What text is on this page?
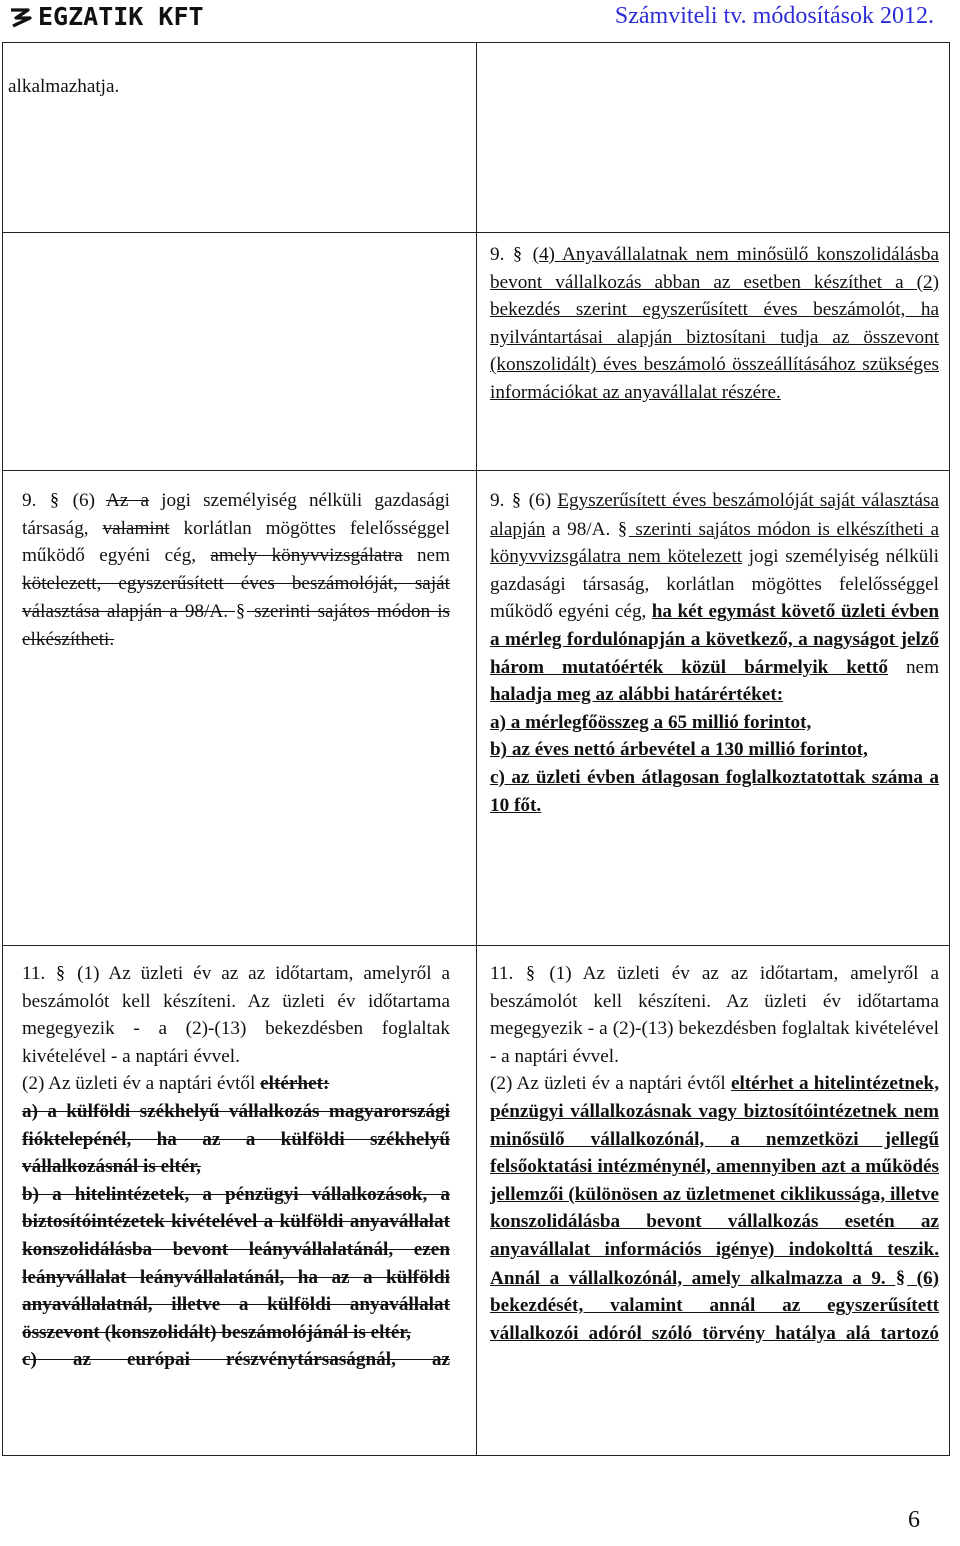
EGZATIK KFT	Számviteli tv. módosítások 2012.

alkalmazhatja.

9. § (4) Anyavállalatnak nem minősülő konszolidálásba bevont vállalkozás abban az esetben készíthet a (2) bekezdés szerint egyszerűsített éves beszámolót, ha nyilvántartásai alapján biztosítani tudja az összevont (konszolidált) éves beszámoló összeállításához szükséges információkat az anyavállalat részére.

9. § (6) Az a jogi személyiség nélküli gazdasági társaság, valamint korlátlan mögöttes felelősséggel működő egyéni cég, amely könyvvizsgálatra nem kötelezett, egyszerűsített éves beszámolóját, saját választása alapján a 98/A. § szerinti sajátos módon is elkészítheti.

9. § (6) Egyszerűsített éves beszámolóját saját választása alapján a 98/A. § szerinti sajátos módon is elkészítheti a könyvvizsgálatra nem kötelezett jogi személyiség nélküli gazdasági társaság, korlátlan mögöttes felelősséggel működő egyéni cég, ha két egymást követő üzleti évben a mérleg fordulónapján a következő, a nagyságot jelző három mutatóérték közül bármelyik kettő nem haladja meg az alábbi határértéket:
a) a mérlegfőösszeg a 65 millió forintot,
b) az éves nettó árbevétel a 130 millió forintot,
c) az üzleti évben átlagosan foglalkoztatottak száma a 10 főt.
11. § (1) Az üzleti év az az időtartam, amelyről a beszámolót kell készíteni. Az üzleti év időtartama megegyezik - a (2)-(13) bekezdésben foglaltak kivételével - a naptári évvel.
(2) Az üzleti év a naptári évtől eltérhet:
a) a külföldi székhelyű vállalkozás magyarországi fióktelepénél, ha az a külföldi székhelyű vállalkozásnál is eltér,
b) a hitelintézetek, a pénzügyi vállalkozások, a biztosítóintézetek kivételével a külföldi anyavállalat konszolidálásba bevont leányvállalatánál, ezen leányvállalat leányvállalatánál, ha az a külföldi anyavállalatnál, illetve a külföldi anyavállalat összevont (konszolidált) beszámolójánál is eltér,
c) az európai részvénytársaságnál, az
11. § (1) Az üzleti év az az időtartam, amelyről a beszámolót kell készíteni. Az üzleti év időtartama megegyezik - a (2)-(13) bekezdésben foglaltak kivételével - a naptári évvel.
(2) Az üzleti év a naptári évtől eltérhet a hitelintézetnek, pénzügyi vállalkozásnak vagy biztosítóintézetnek nem minősülő vállalkozónál, a nemzetközi jellegű felsőoktatási intézménynél, amennyiben azt a működés jellemzői (különösen az üzletmenet ciklikussága, illetve konszolidálásba bevont vállalkozás esetén az anyavállalat információs igénye) indokolttá teszik. Annál a vállalkozónál, amely alkalmazza a 9. § (6) bekezdését, valamint annál az egyszerűsített vállalkozói adóról szóló törvény hatálya alá tartozó
6
